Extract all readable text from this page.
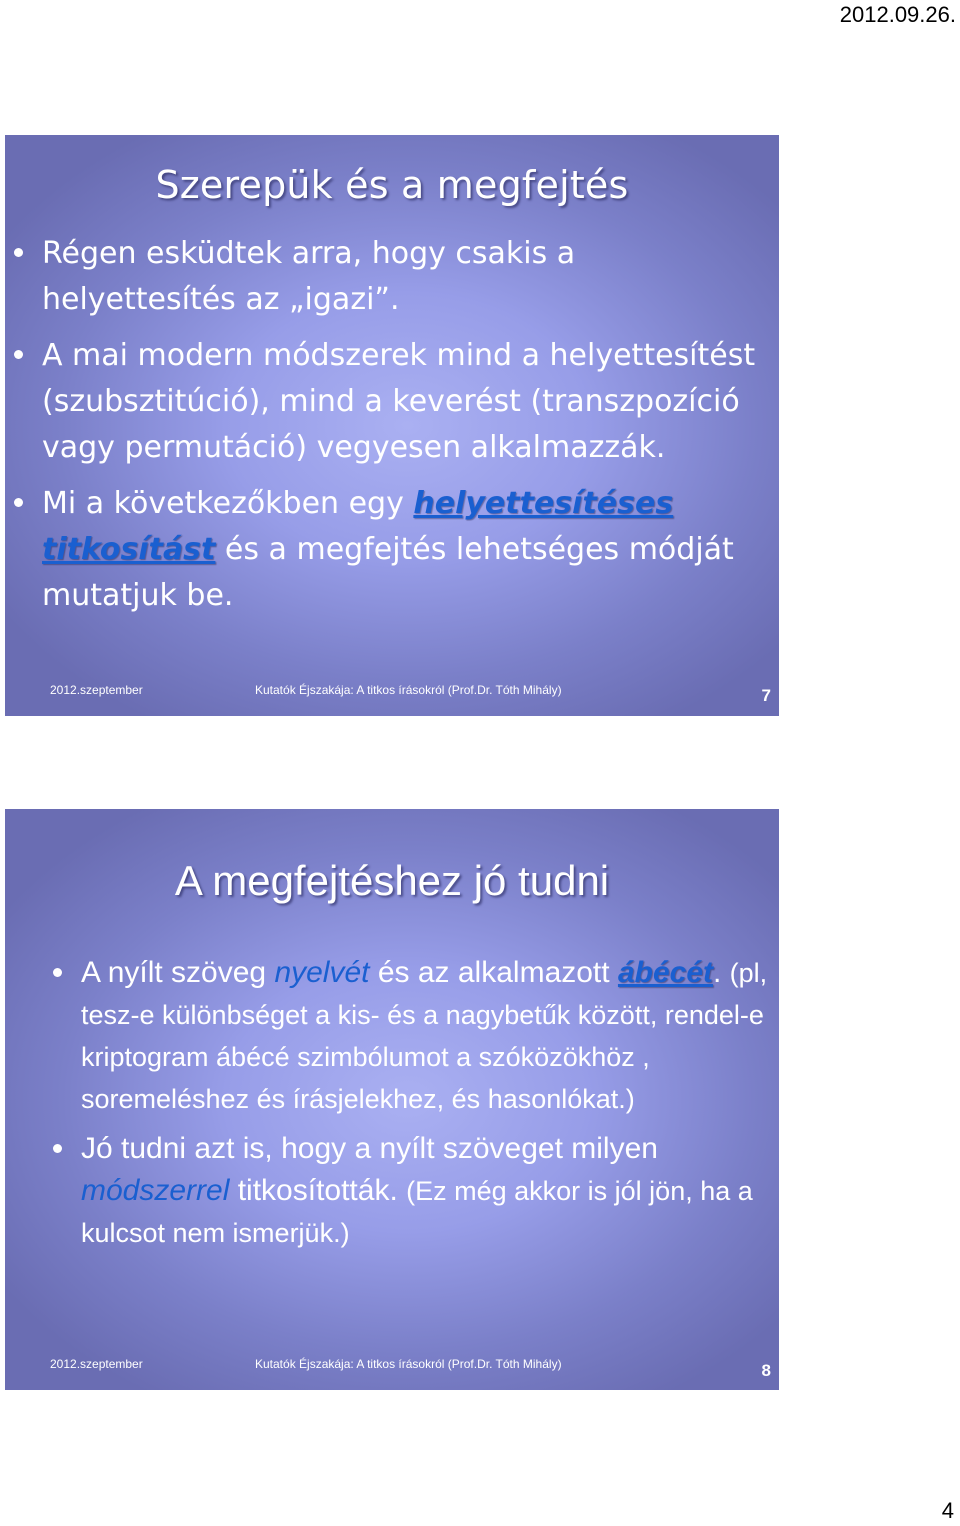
2012.09.26.
Szerepük és a megfejtés
Régen esküdtek arra, hogy csakis a helyettesítés az „igazi”.
A mai modern módszerek mind a helyettesítést (szubsztitúció), mind a keverést (transzpozíció vagy permutáció) vegyesen alkalmazzák.
Mi a következőkben egy helyettesítéses titkosítást és a megfejtés lehetséges módját mutatjuk be.
2012.szeptember	Kutatók Éjszakája: A titkos írásokról (Prof.Dr. Tóth Mihály)	7
A megfejtéshez jó tudni
A nyílt szöveg nyelvét és az alkalmazott ábécét. (pl, tesz-e különbséget a kis- és a nagybetűk között, rendel-e kriptogram ábécé szimbólumot a szóközökhöz , soremeléshez és írásjelekhez, és hasonlókat.)
Jó tudni azt is, hogy a nyílt szöveget milyen módszerrel titkosították. (Ez még akkor is jól jön, ha a kulcsot nem ismerjük.)
2012.szeptember	Kutatók Éjszakája: A titkos írásokról (Prof.Dr. Tóth Mihály)	8
4
